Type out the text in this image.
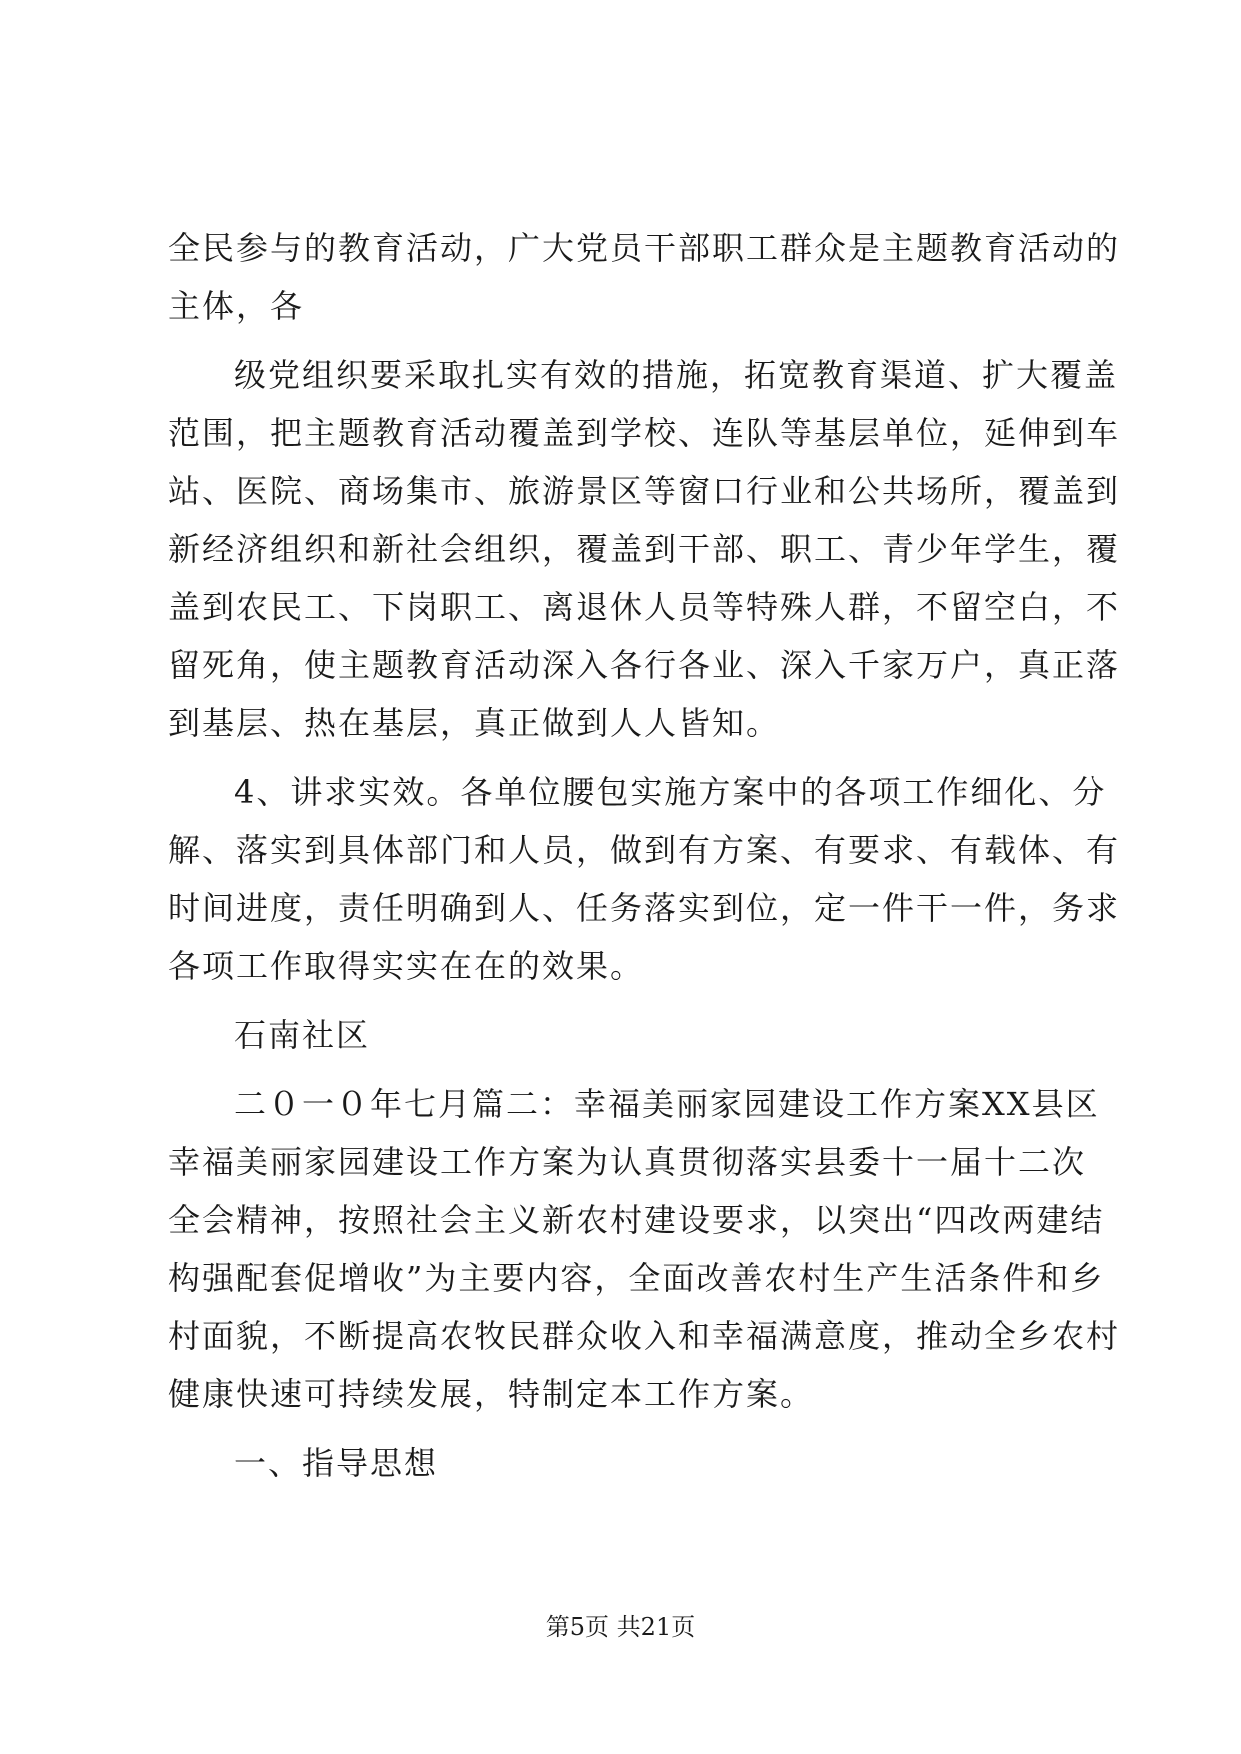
全民参与的教育活动，广大党员干部职工群众是主题教育活动的
主体，各
级党组织要采取扎实有效的措施，拓宽教育渠道、扩大覆盖
范围，把主题教育活动覆盖到学校、连队等基层单位，延伸到车
站、医院、商场集市、旅游景区等窗口行业和公共场所，覆盖到
新经济组织和新社会组织，覆盖到干部、职工、青少年学生，覆
盖到农民工、下岗职工、离退休人员等特殊人群，不留空白，不
留死角，使主题教育活动深入各行各业、深入千家万户，真正落
到基层、热在基层，真正做到人人皆知。
4、讲求实效。各单位腰包实施方案中的各项工作细化、分
解、落实到具体部门和人员，做到有方案、有要求、有载体、有
时间进度，责任明确到人、任务落实到位，定一件干一件，务求
各项工作取得实实在在的效果。
石南社区
二０一０年七月篇二：幸福美丽家园建设工作方案XX县区
幸福美丽家园建设工作方案为认真贯彻落实县委十一届十二次
全会精神，按照社会主义新农村建设要求，以突出“四改两建结
构强配套促增收”为主要内容，全面改善农村生产生活条件和乡
村面貌，不断提高农牧民群众收入和幸福满意度，推动全乡农村
健康快速可持续发展，特制定本工作方案。
一、指导思想
第5页 共21页
